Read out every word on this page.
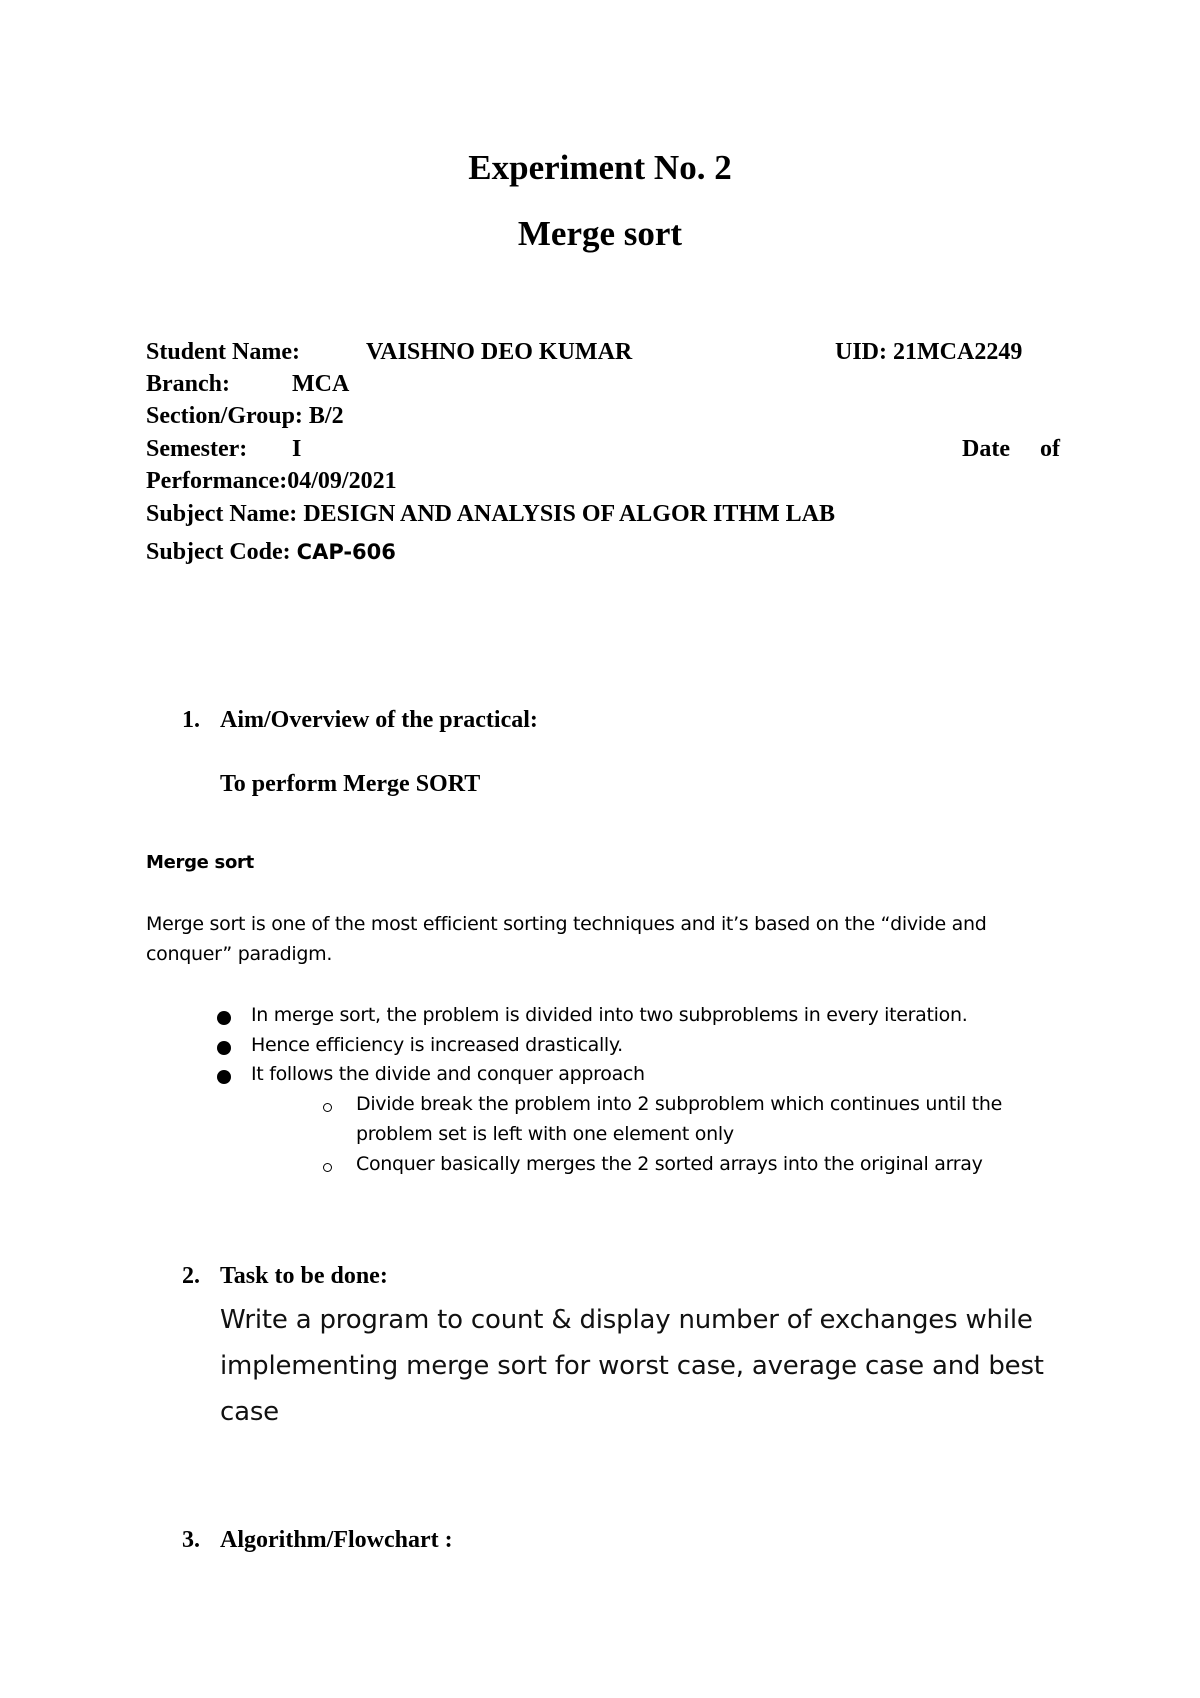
Experiment No. 2
Merge sort
Student Name:	VAISHNO DEO KUMAR	UID: 21MCA2249
Branch:	MCA
Section/Group: B/2
Semester: I	Date of
Performance:04/09/2021
Subject Name: DESIGN AND ANALYSIS OF ALGOR ITHM LAB
Subject Code: CAP-606
1. Aim/Overview of the practical:
To perform Merge SORT
Merge sort
Merge sort is one of the most efficient sorting techniques and it’s based on the “divide and
conquer” paradigm.
In merge sort, the problem is divided into two subproblems in every iteration.
Hence efficiency is increased drastically.
It follows the divide and conquer approach
Divide break the problem into 2 subproblem which continues until the
problem set is left with one element only
Conquer basically merges the 2 sorted arrays into the original array
2. Task to be done:
Write a program to count & display number of exchanges while
implementing merge sort for worst case, average case and best
case
3. Algorithm/Flowchart :
